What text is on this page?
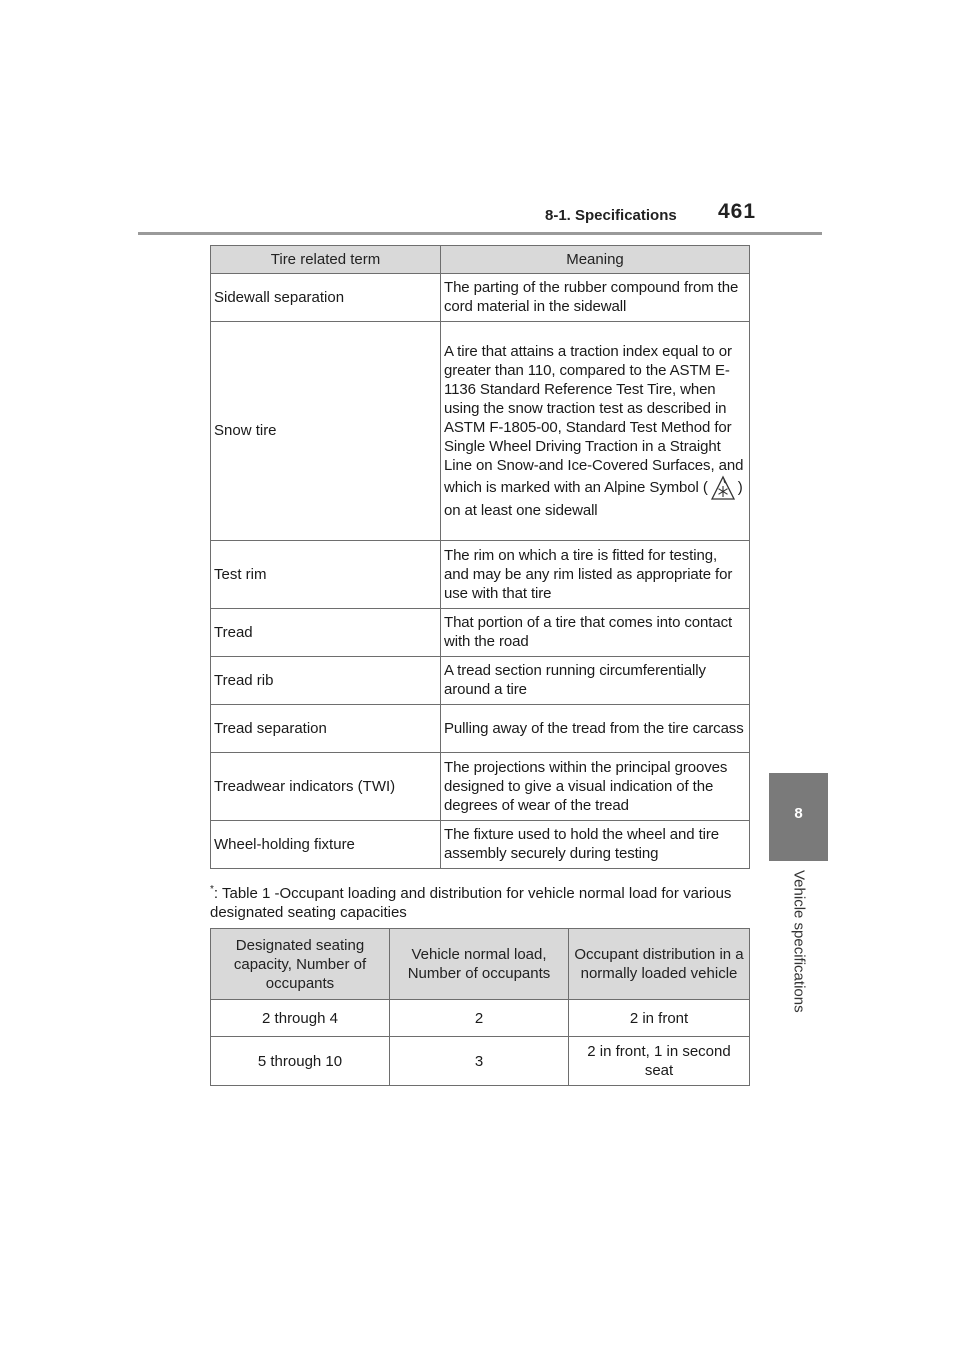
8-1. Specifications 461
8
Vehicle specifications
Tire related term	Meaning
Sidewall separation	The parting of the rubber compound from the cord material in the sidewall
Snow tire	A tire that attains a traction index equal to or greater than 110, compared to the ASTM E-1136 Standard Reference Test Tire, when using the snow traction test as described in ASTM F-1805-00, Standard Test Method for Single Wheel Driving Traction in a Straight Line on Snow-and Ice-Covered Surfaces, and which is marked with an Alpine Symbol ( ) on at least one sidewall
Test rim	The rim on which a tire is fitted for testing, and may be any rim listed as appropriate for use with that tire
Tread	That portion of a tire that comes into contact with the road
Tread rib	A tread section running circumferentially around a tire
Tread separation	Pulling away of the tread from the tire carcass
Treadwear indicators (TWI)	The projections within the principal grooves designed to give a visual indication of the degrees of wear of the tread
Wheel-holding fixture	The fixture used to hold the wheel and tire assembly securely during testing
*: Table 1 -Occupant loading and distribution for vehicle normal load for various designated seating capacities
Designated seating capacity, Number of occupants	Vehicle normal load, Number of occupants	Occupant distribution in a normally loaded vehicle
2 through 4	2	2 in front
5 through 10	3	2 in front, 1 in second seat
